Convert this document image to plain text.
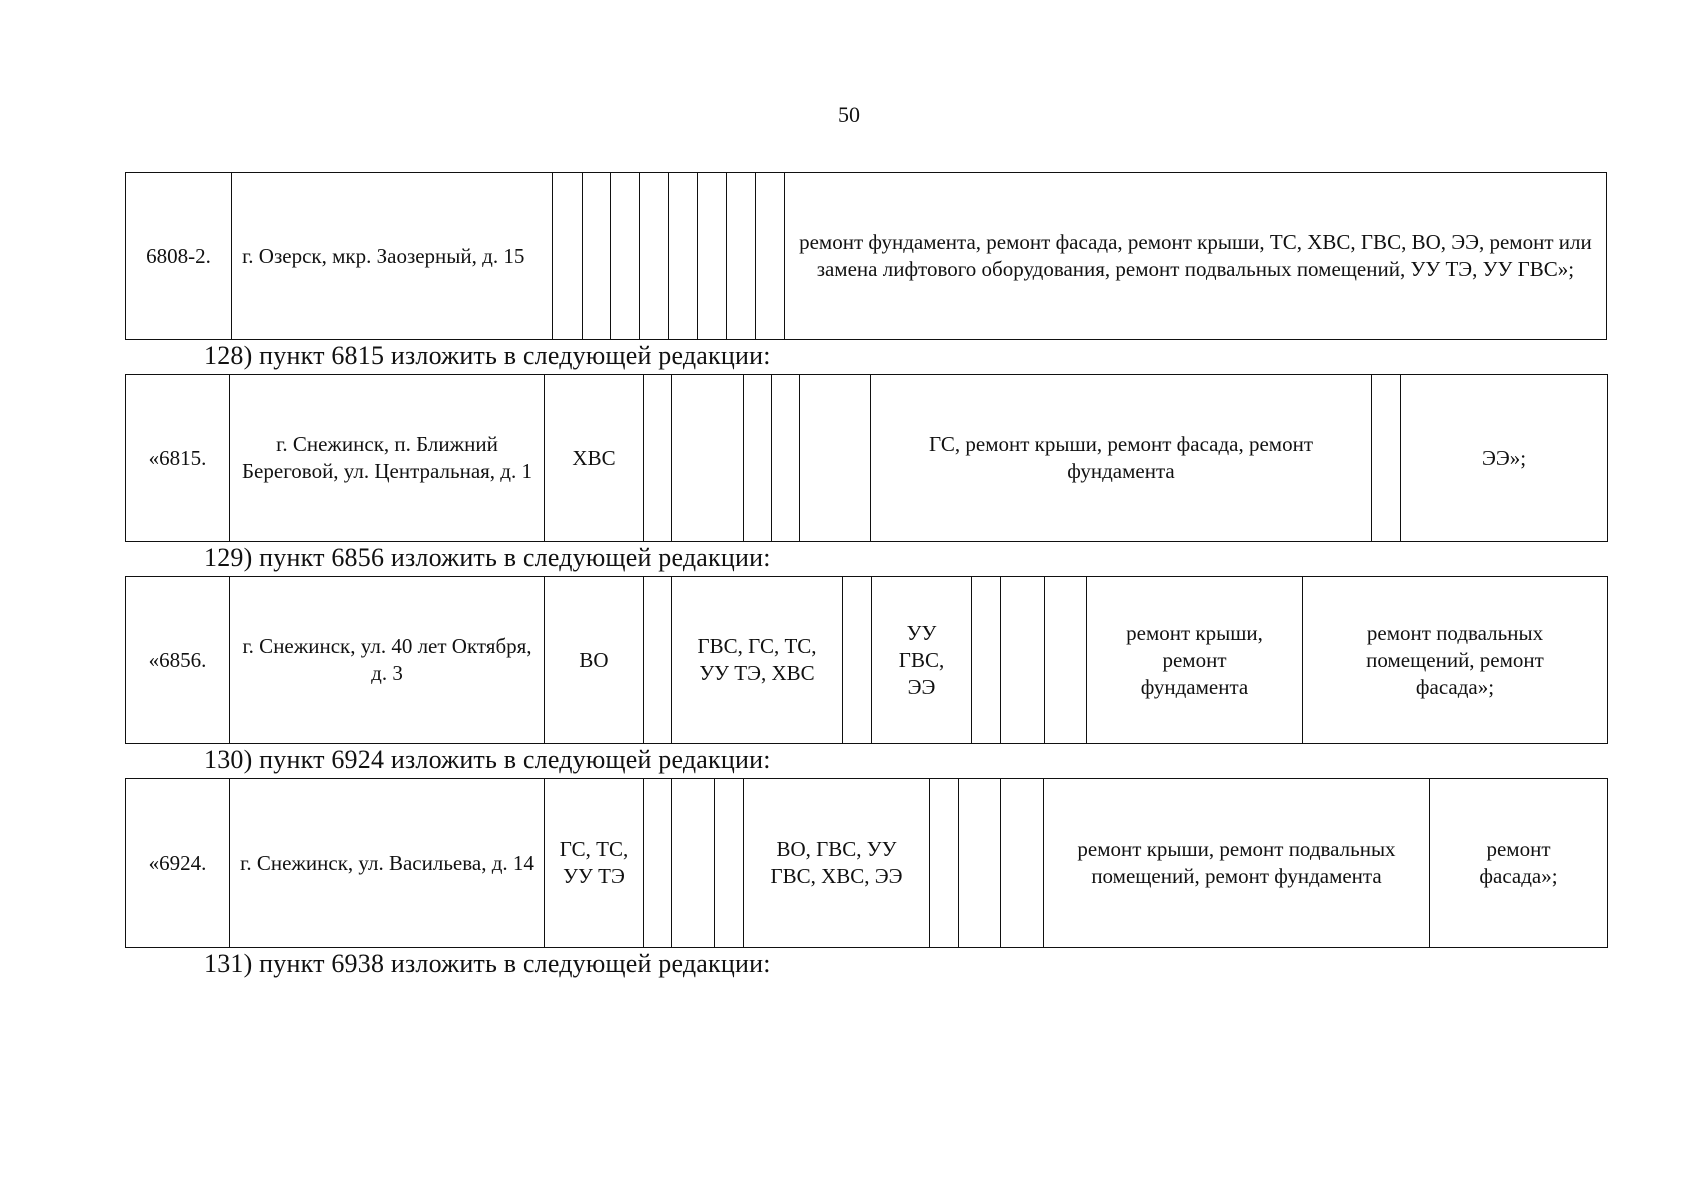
50
6808-2.	г. Озерск, мкр. Заозерный, д. 15									ремонт фундамента, ремонт фасада, ремонт крыши, ТС, ХВС, ГВС, ВО, ЭЭ, ремонт или замена лифтового оборудования, ремонт подвальных помещений, УУ ТЭ, УУ ГВС»;
128) пункт 6815 изложить в следующей редакции:
«6815.	г. Снежинск, п. Ближний Береговой, ул. Центральная, д. 1	ХВС						ГС, ремонт крыши, ремонт фасада, ремонт фундамента		ЭЭ»;
129) пункт 6856 изложить в следующей редакции:
«6856.	г. Снежинск, ул. 40 лет Октября, д. 3	ВО		ГВС, ГС, ТС, УУ ТЭ, ХВС		УУ ГВС, ЭЭ				ремонт крыши, ремонт фундамента	ремонт подвальных помещений, ремонт фасада»;
130) пункт 6924 изложить в следующей редакции:
«6924.	г. Снежинск, ул. Васильева, д. 14	ГС, ТС, УУ ТЭ				ВО, ГВС, УУ ГВС, ХВС, ЭЭ				ремонт крыши, ремонт подвальных помещений, ремонт фундамента	ремонт фасада»;
131) пункт 6938 изложить в следующей редакции:
